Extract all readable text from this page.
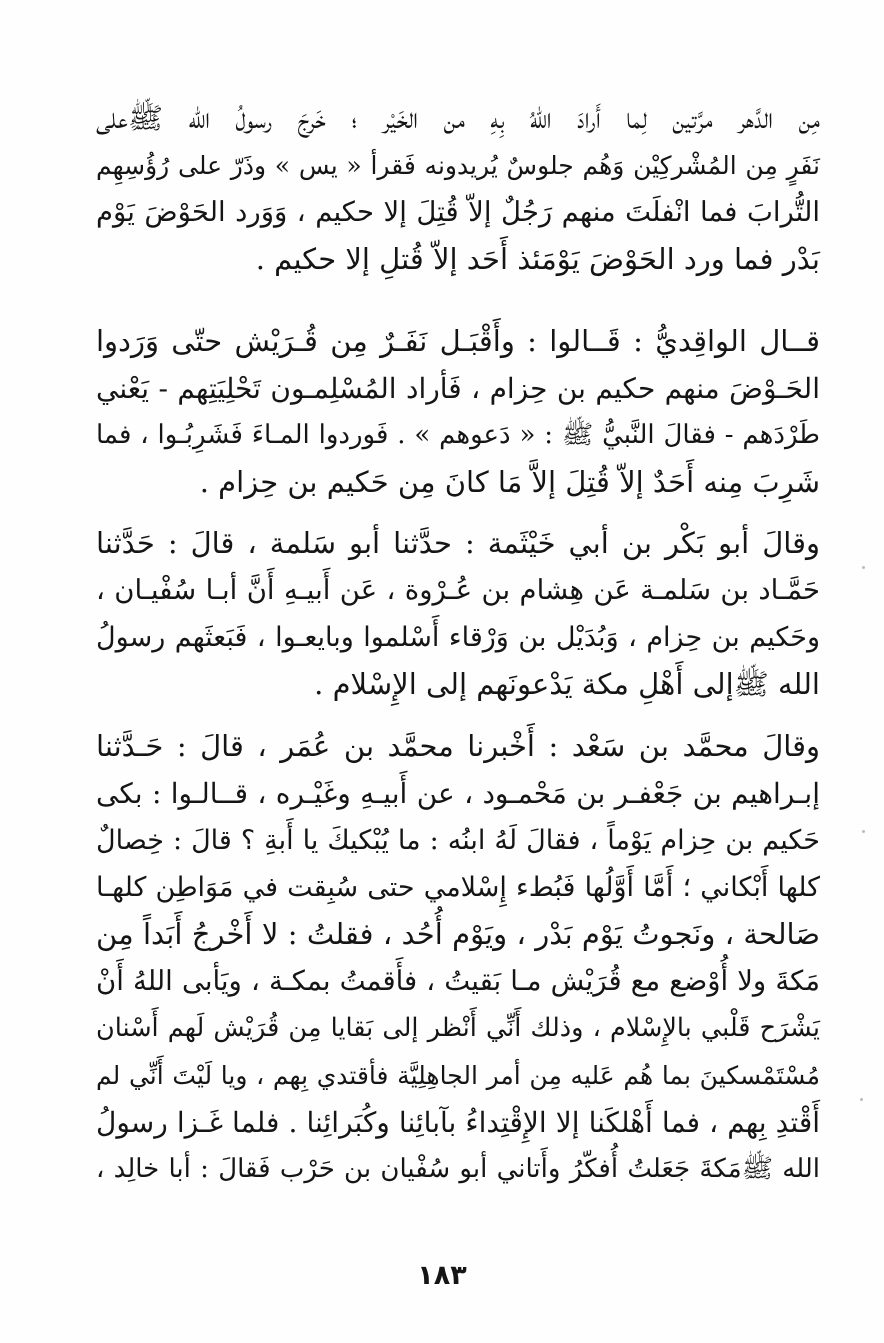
مِن الدَّهر مرَّتين لِما أَرادَ اللهُ بِهِ من الخَيْر ؛ خَرجَ رسولُ الله ﷺعلى
نَفَرٍ مِن المُشْركِيْن وَهُم جلوسٌ يُريدونه فَقرأ « يس » وذَرّ على رُؤُسِهِم
التُّرابَ فما انْفلَتَ منهم رَجُلٌ إلاّ قُتِلَ إلا حكيم ، وَوَرد الحَوْضَ يَوْم
بَدْر فما ورد الحَوْضَ يَوْمَئذ أَحَد إلاّ قُتلِ إلا حكيم .
قــال الواقِديُّ : قَــالوا : وأَقْبَـل نَفَـرٌ مِن قُـرَيْش حتّى وَرَدوا
الحَـوْضَ منهم حكيم بن حِزام ، فَأراد المُسْلِمـون تَحْلِيَتِهم - يَعْني
طَرْدَهم - فقالَ النَّبيُّ ﷺ : « دَعوهم » . فَوردوا المـاءَ فَشَرِبُـوا ، فما
شَرِبَ مِنه أَحَدٌ إلاّ قُتِلَ إلاَّ مَا كانَ مِن حَكيم بن حِزام .
وقالَ أبو بَكْر بن أبي خَيْثَمة : حدَّثنا أبو سَلمة ، قالَ : حَدَّثنا
حَمَّـاد بن سَلمـة عَن هِشام بن عُـرْوة ، عَن أَبيـهِ أَنَّ أبـا سُفْيـان ،
وحَكيم بن حِزام ، وَبُدَيْل بن وَرْقاء أَسْلموا وبايعـوا ، فَبَعثَهم رسولُ
الله ﷺإلى أَهْلِ مكة يَدْعونَهم إلى الإِسْلام .
وقالَ محمَّد بن سَعْد : أَخْبرنا محمَّد بن عُمَر ، قالَ : حَـدَّثنا
إبـراهيم بن جَعْفـر بن مَحْمـود ، عن أَبيـهِ وغَيْـره ، قــالـوا : بكى
حَكيم بن حِزام يَوْماً ، فقالَ لَهُ ابنُه : ما يُبْكيكَ يا أَبةِ ؟ قالَ : خِصالٌ
كلها أَبْكاني ؛ أَمَّا أَوَّلُها فَبُطء إِسْلامي حتى سُبِقت في مَوَاطِن كلهـا
صَالحة ، ونَجوتُ يَوْم بَدْر ، ويَوْم أُحُد ، فقلتُ : لا أَخْرجُ أَبَداً مِن
مَكةَ ولا أُوْضع مع قُرَيْش مـا بَقيتُ ، فأَقمتُ بمكـة ، ويَأبى اللهُ أَنْ
يَشْرَح قَلْبي بالإِسْلام ، وذلك أَنِّي أَنْظر إلى بَقايا مِن قُرَيْش لَهم أَسْنان
مُسْتَمْسكينَ بما هُم عَليه مِن أمر الجاهِلِيَّة فأقتدي بِهم ، ويا لَيْتَ أَنِّي لم
أَقْتدِ بِهم ، فما أَهْلكَنا إلا الإِقْتِداءُ بآبائِنا وكُبَرائِنا . فلما غَـزا رسولُ
الله ﷺمَكةَ جَعَلتُ أُفكّرُ وأَتاني أبو سُفْيان بن حَرْب فَقالَ : أبا خالِد ،
١٨٣
